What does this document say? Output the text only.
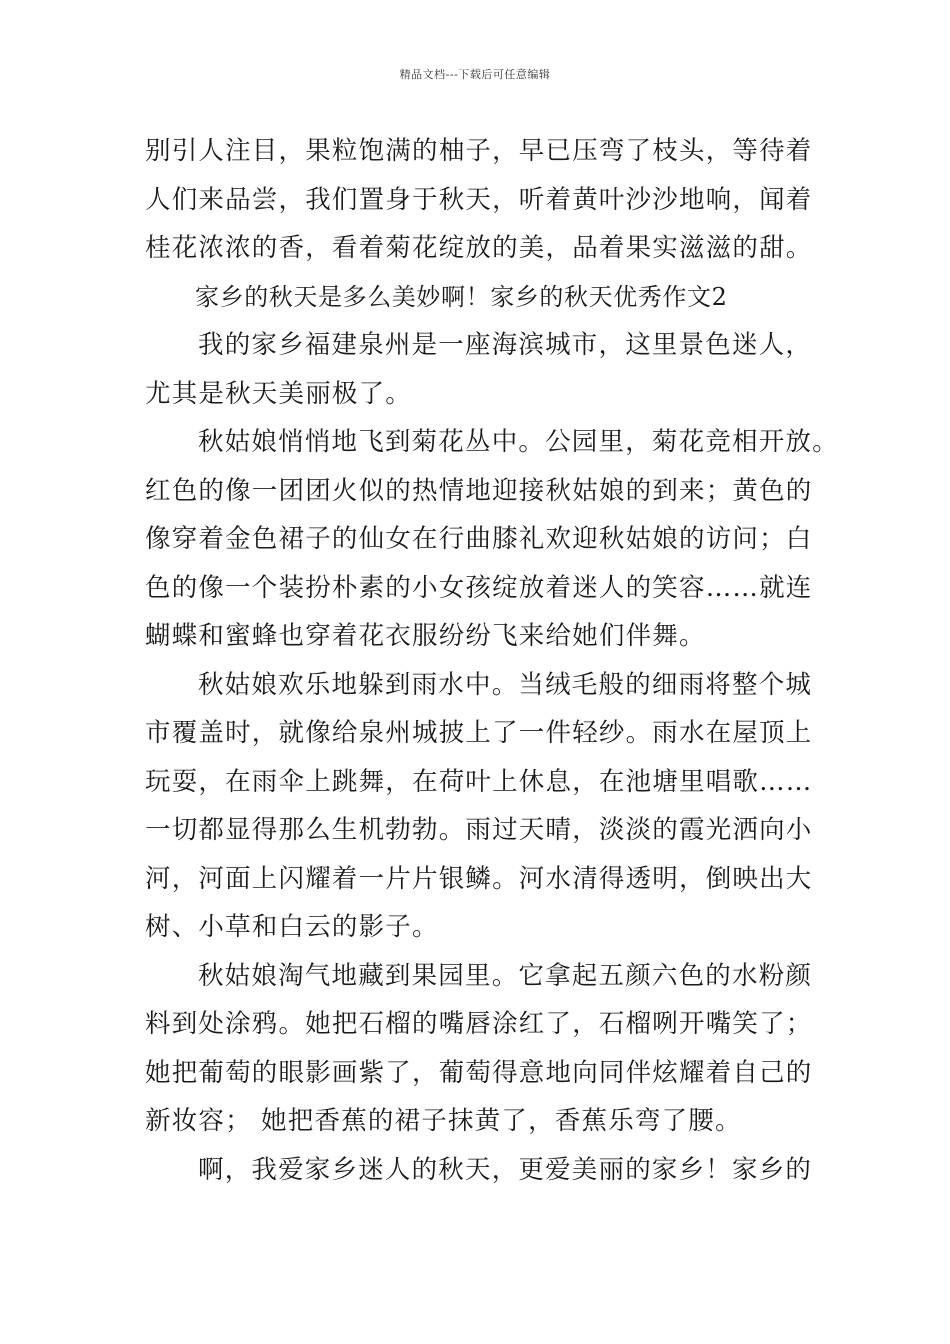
精品文档---下载后可任意编辑
别引人注目，果粒饱满的柚子，早已压弯了枝头，等待着
人们来品尝，我们置身于秋天，听着黄叶沙沙地响，闻着
桂花浓浓的香，看着菊花绽放的美，品着果实滋滋的甜。
家乡的秋天是多么美妙啊！家乡的秋天优秀作文2
我的家乡福建泉州是一座海滨城市，这里景色迷人，
尤其是秋天美丽极了。
秋姑娘悄悄地飞到菊花丛中。公园里，菊花竞相开放。
红色的像一团团火似的热情地迎接秋姑娘的到来；黄色的
像穿着金色裙子的仙女在行曲膝礼欢迎秋姑娘的访问；白
色的像一个装扮朴素的小女孩绽放着迷人的笑容……就连
蝴蝶和蜜蜂也穿着花衣服纷纷飞来给她们伴舞。
秋姑娘欢乐地躲到雨水中。当绒毛般的细雨将整个城
市覆盖时，就像给泉州城披上了一件轻纱。雨水在屋顶上
玩耍，在雨伞上跳舞，在荷叶上休息，在池塘里唱歌……
一切都显得那么生机勃勃。雨过天晴，淡淡的霞光洒向小
河，河面上闪耀着一片片银鳞。河水清得透明，倒映出大
树、小草和白云的影子。
秋姑娘淘气地藏到果园里。它拿起五颜六色的水粉颜
料到处涂鸦。她把石榴的嘴唇涂红了，石榴咧开嘴笑了；
她把葡萄的眼影画紫了，葡萄得意地向同伴炫耀着自己的
新妆容； 她把香蕉的裙子抹黄了，香蕉乐弯了腰。
啊，我爱家乡迷人的秋天，更爱美丽的家乡！家乡的
